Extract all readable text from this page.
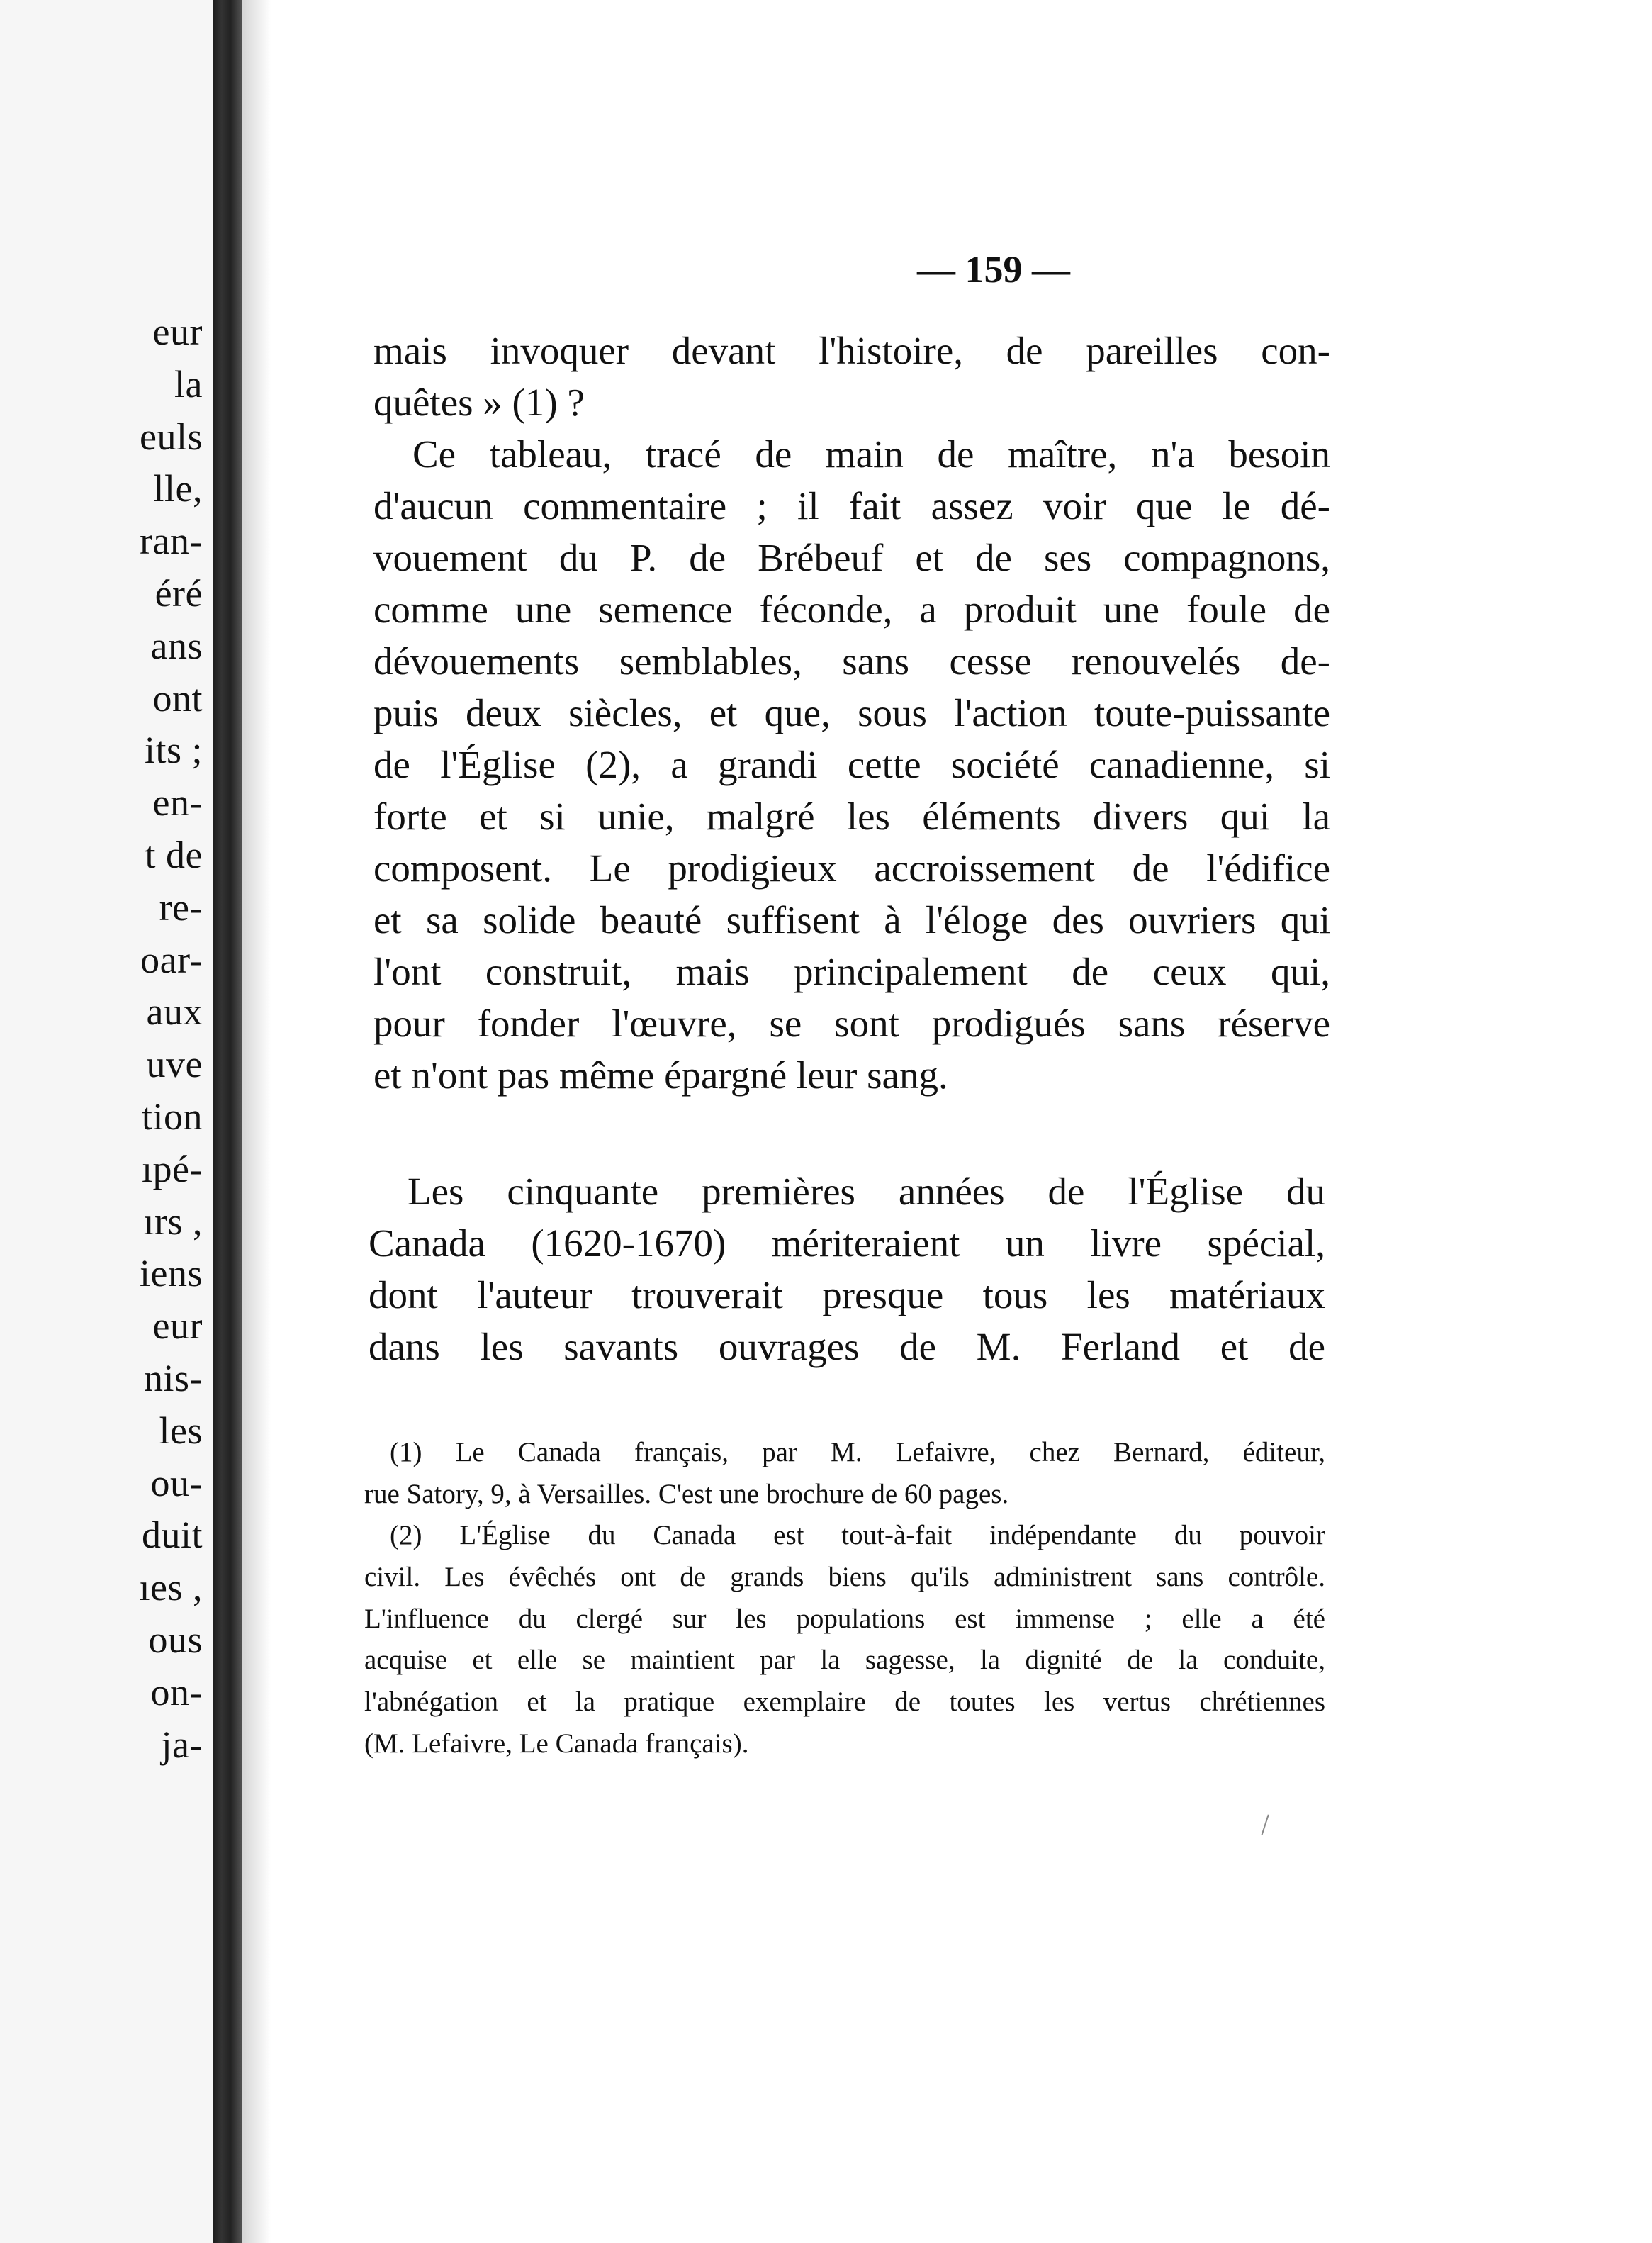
eur
la
euls
lle,
ran-
éré
ans
ont
its ;
en-
t de
re-
oar-
aux
uve
tion
ıpé-
ırs ,
iens
eur
nis-
les
ou-
duit
ıes ,
ous
on-
ja-
— 159 —
mais invoquer devant l'histoire, de pareilles con-
quêtes » (1) ?
Ce tableau, tracé de main de maître, n'a besoin
d'aucun commentaire ; il fait assez voir que le dé-
vouement du P. de Brébeuf et de ses compagnons,
comme une semence féconde, a produit une foule de
dévouements semblables, sans cesse renouvelés de-
puis deux siècles, et que, sous l'action toute-puissante
de l'Église (2), a grandi cette société canadienne, si
forte et si unie, malgré les éléments divers qui la
composent. Le prodigieux accroissement de l'édifice
et sa solide beauté suffisent à l'éloge des ouvriers qui
l'ont construit, mais principalement de ceux qui,
pour fonder l'œuvre, se sont prodigués sans réserve
et n'ont pas même épargné leur sang.
Les cinquante premières années de l'Église du
Canada (1620-1670) mériteraient un livre spécial,
dont l'auteur trouverait presque tous les matériaux
dans les savants ouvrages de M. Ferland et de
(1) Le Canada français, par M. Lefaivre, chez Bernard, éditeur,
rue Satory, 9, à Versailles. C'est une brochure de 60 pages.
(2) L'Église du Canada est tout-à-fait indépendante du pouvoir
civil. Les évêchés ont de grands biens qu'ils administrent sans contrôle.
L'influence du clergé sur les populations est immense ; elle a été
acquise et elle se maintient par la sagesse, la dignité de la conduite,
l'abnégation et la pratique exemplaire de toutes les vertus chrétiennes
(M. Lefaivre, Le Canada français).
